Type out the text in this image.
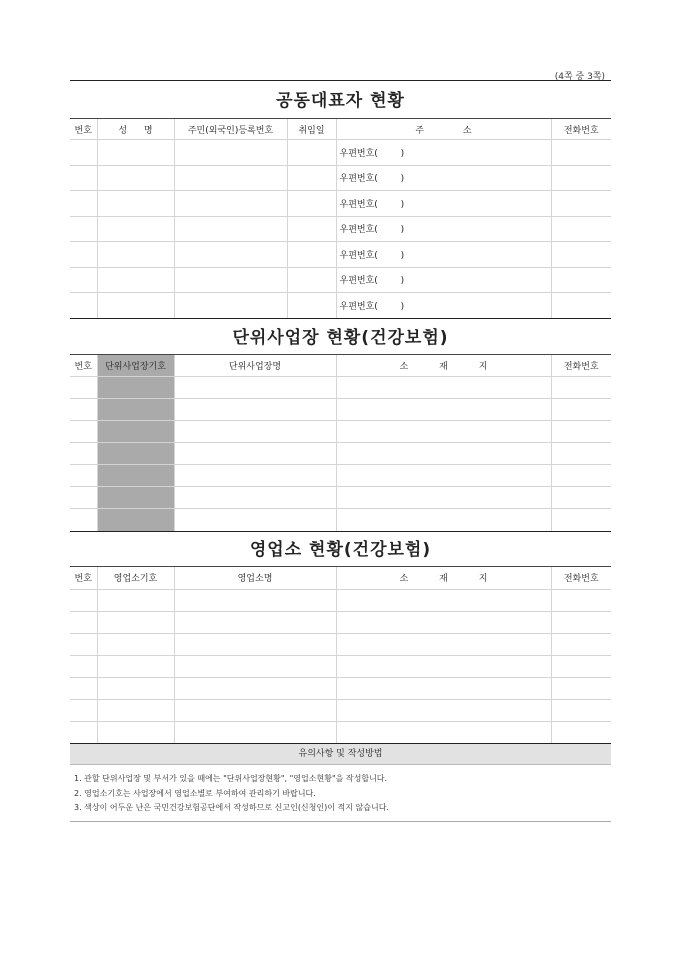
(4쪽 중 3쪽)
공동대표자 현황
번호	성 명	주민(외국인)등록번호	취임일	주 소	전화번호
				우편번호(        )	
				우편번호(        )	
				우편번호(        )	
				우편번호(        )	
				우편번호(        )	
				우편번호(        )	
				우편번호(        )	
단위사업장 현황(건강보험)
번호	단위사업장기호	단위사업장명	소 재 지	전화번호

영업소 현황(건강보험)
번호	영업소기호	영업소명	소 재 지	전화번호

유의사항 및 작성방법
1. 관할 단위사업장 및 부서가 있을 때에는 "단위사업장현황", "영업소현황"을 작성합니다.
2. 영업소기호는 사업장에서 영업소별로 부여하여 관리하기 바랍니다.
3. 색상이 어두운 난은 국민건강보험공단에서 작성하므로 신고인(신청인)이 적지 않습니다.
